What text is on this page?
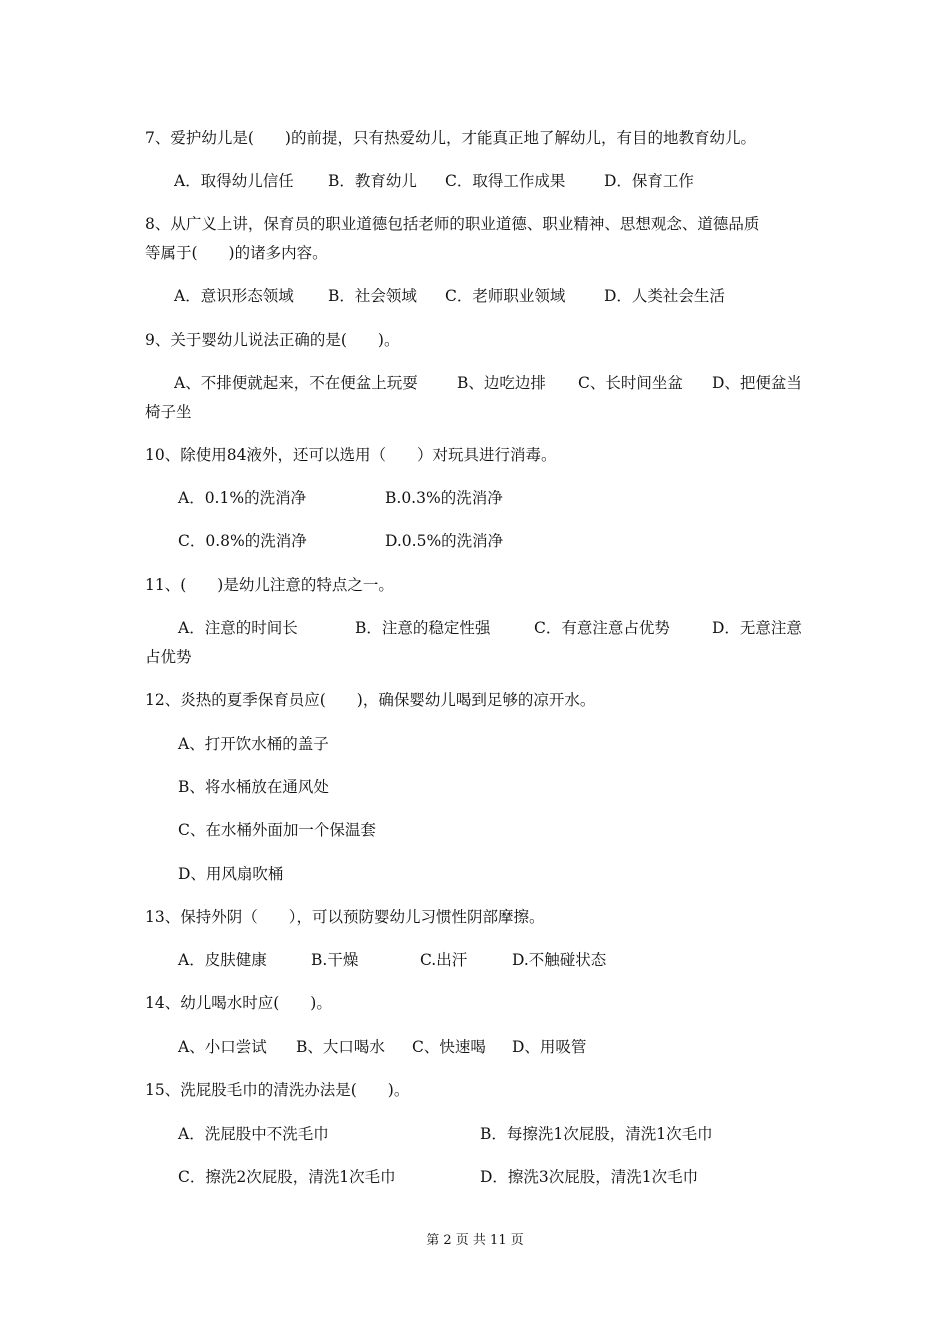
7、爱护幼儿是(　　)的前提，只有热爱幼儿，才能真正地了解幼儿，有目的地教育幼儿。
A．取得幼儿信任 B．教育幼儿 C．取得工作成果 D．保育工作
8、从广义上讲，保育员的职业道德包括老师的职业道德、职业精神、思想观念、道德品质
等属于(　　)的诸多内容。
A．意识形态领域 B．社会领域 C．老师职业领域 D．人类社会生活
9、关于婴幼儿说法正确的是(　　)。
A、不排便就起来，不在便盆上玩耍	B、边吃边排 C、长时间坐盆 D、把便盆当
椅子坐
10、除使用84液外，还可以选用（　　）对玩具进行消毒。
A．0.1%的洗消净	B.0.3%的洗消净
C．0.8%的洗消净	D.0.5%的洗消净
11、(　　)是幼儿注意的特点之一。
A．注意的时间长	B．注意的稳定性强	C．有意注意占优势	D．无意注意
占优势
12、炎热的夏季保育员应(　　)，确保婴幼儿喝到足够的凉开水。
A、打开饮水桶的盖子
B、将水桶放在通风处
C、在水桶外面加一个保温套
D、用风扇吹桶
13、保持外阴（　　），可以预防婴幼儿习惯性阴部摩擦。
A．皮肤健康	B.干燥	C.出汗	D.不触碰状态
14、幼儿喝水时应(　　)。
A、小口尝试 B、大口喝水 C、快速喝 D、用吸管
15、洗屁股毛巾的清洗办法是(　　)。
A．洗屁股中不洗毛巾	B．每擦洗1次屁股，清洗1次毛巾
C．擦洗2次屁股，清洗1次毛巾	D．擦洗3次屁股，清洗1次毛巾
第 2 页 共 11 页
